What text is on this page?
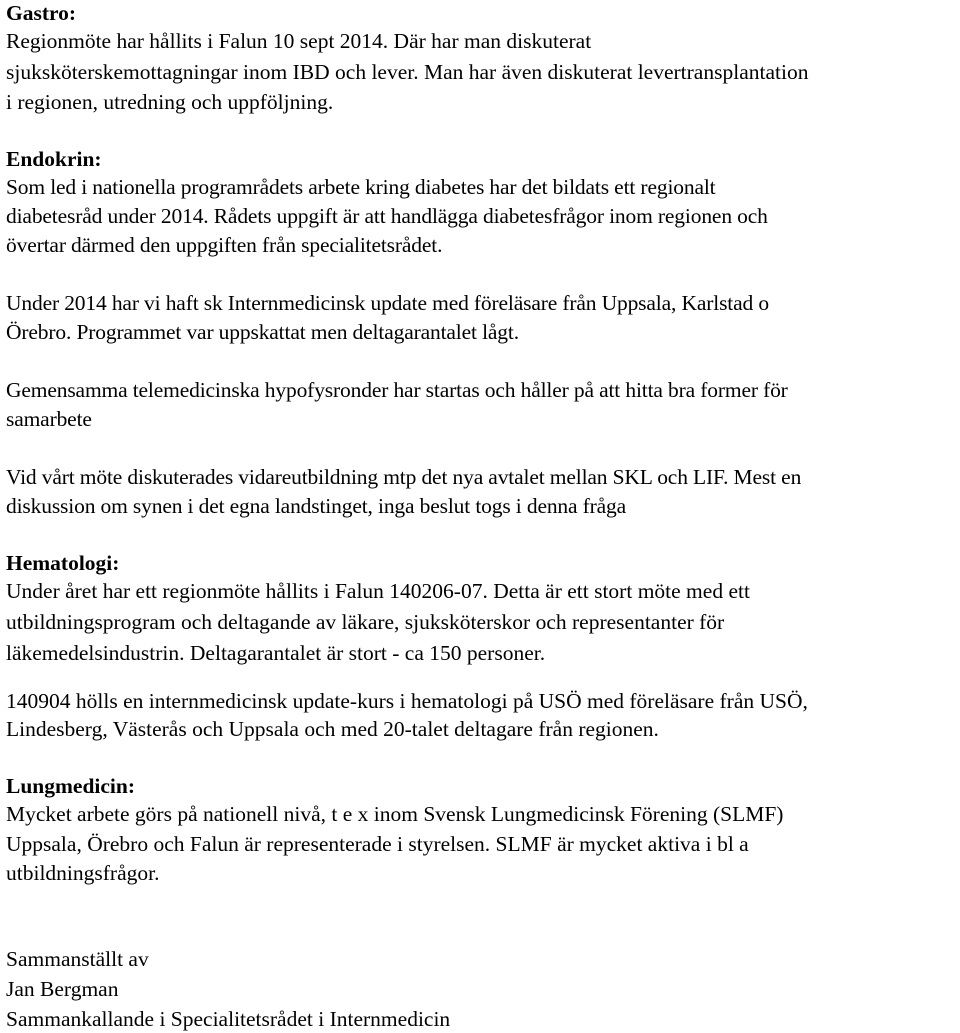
Gastro:
Regionmöte har hållits i Falun 10 sept 2014. Där har man diskuterat
sjuksköterskemottagningar inom IBD och lever. Man har även diskuterat levertransplantation
i regionen, utredning och uppföljning.
Endokrin:
Som led i nationella programrådets arbete kring diabetes har det bildats ett regionalt
diabetesråd under 2014. Rådets uppgift är att handlägga diabetesfrågor inom regionen och
övertar därmed den uppgiften från specialitetsrådet.
Under 2014 har vi haft sk Internmedicinsk update med föreläsare från Uppsala, Karlstad o
Örebro. Programmet var uppskattat men deltagarantalet lågt.
Gemensamma telemedicinska hypofysronder har startas och håller på att hitta bra former för
samarbete
Vid vårt möte diskuterades vidareutbildning mtp det nya avtalet mellan SKL och LIF. Mest en
diskussion om synen i det egna landstinget, inga beslut togs i denna fråga
Hematologi:
Under året har ett regionmöte hållits i Falun 140206-07. Detta är ett stort möte med ett
utbildningsprogram och deltagande av läkare, sjuksköterskor och representanter för
läkemedelsindustrin. Deltagarantalet är stort - ca 150 personer.
140904 hölls en internmedicinsk update-kurs i hematologi på USÖ med föreläsare från USÖ,
Lindesberg, Västerås och Uppsala och med 20-talet deltagare från regionen.
Lungmedicin:
Mycket arbete görs på nationell nivå, t e x inom Svensk Lungmedicinsk Förening (SLMF)
Uppsala, Örebro och Falun är representerade i styrelsen. SLMF är mycket aktiva i bl a
utbildningsfrågor.
Sammanställt av
Jan Bergman
Sammankallande i Specialitetsrådet i Internmedicin
